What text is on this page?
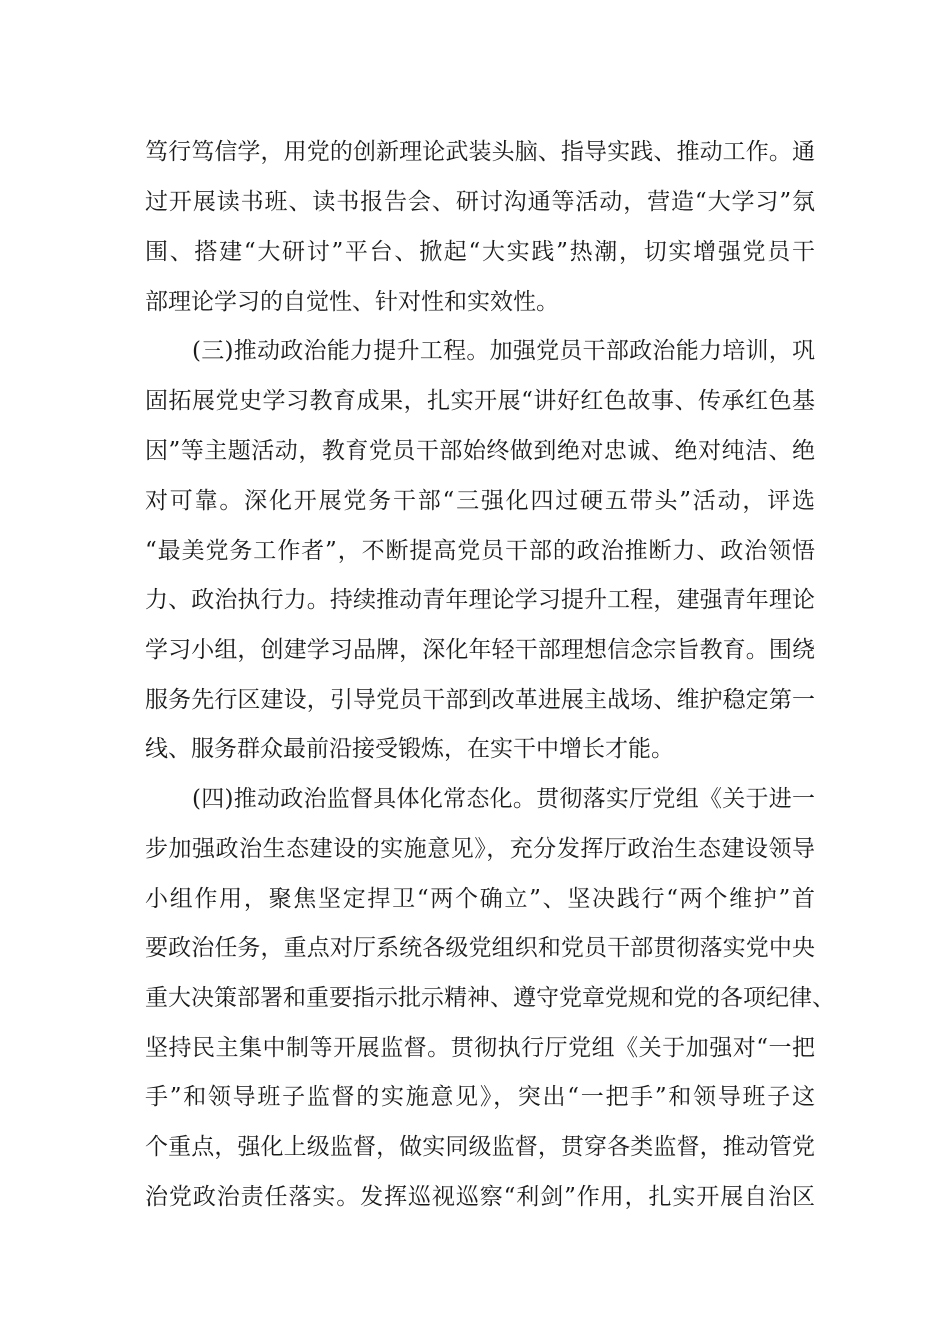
笃行笃信学，用党的创新理论武装头脑、指导实践、推动工作。通
过开展读书班、读书报告会、研讨沟通等活动，营造“大学习”氛
围、搭建“大研讨”平台、掀起“大实践”热潮，切实增强党员干
部理论学习的自觉性、针对性和实效性。
(三)推动政治能力提升工程。加强党员干部政治能力培训，巩
固拓展党史学习教育成果，扎实开展“讲好红色故事、传承红色基
因”等主题活动，教育党员干部始终做到绝对忠诚、绝对纯洁、绝
对可靠。深化开展党务干部“三强化四过硬五带头”活动，评选
“最美党务工作者”，不断提高党员干部的政治推断力、政治领悟
力、政治执行力。持续推动青年理论学习提升工程，建强青年理论
学习小组，创建学习品牌，深化年轻干部理想信念宗旨教育。围绕
服务先行区建设，引导党员干部到改革进展主战场、维护稳定第一
线、服务群众最前沿接受锻炼，在实干中增长才能。
(四)推动政治监督具体化常态化。贯彻落实厅党组《关于进一
步加强政治生态建设的实施意见》，充分发挥厅政治生态建设领导
小组作用，聚焦坚定捍卫“两个确立”、坚决践行“两个维护”首
要政治任务，重点对厅系统各级党组织和党员干部贯彻落实党中央
重大决策部署和重要指示批示精神、遵守党章党规和党的各项纪律、
坚持民主集中制等开展监督。贯彻执行厅党组《关于加强对“一把
手”和领导班子监督的实施意见》，突出“一把手”和领导班子这
个重点，强化上级监督，做实同级监督，贯穿各类监督，推动管党
治党政治责任落实。发挥巡视巡察“利剑”作用，扎实开展自治区
